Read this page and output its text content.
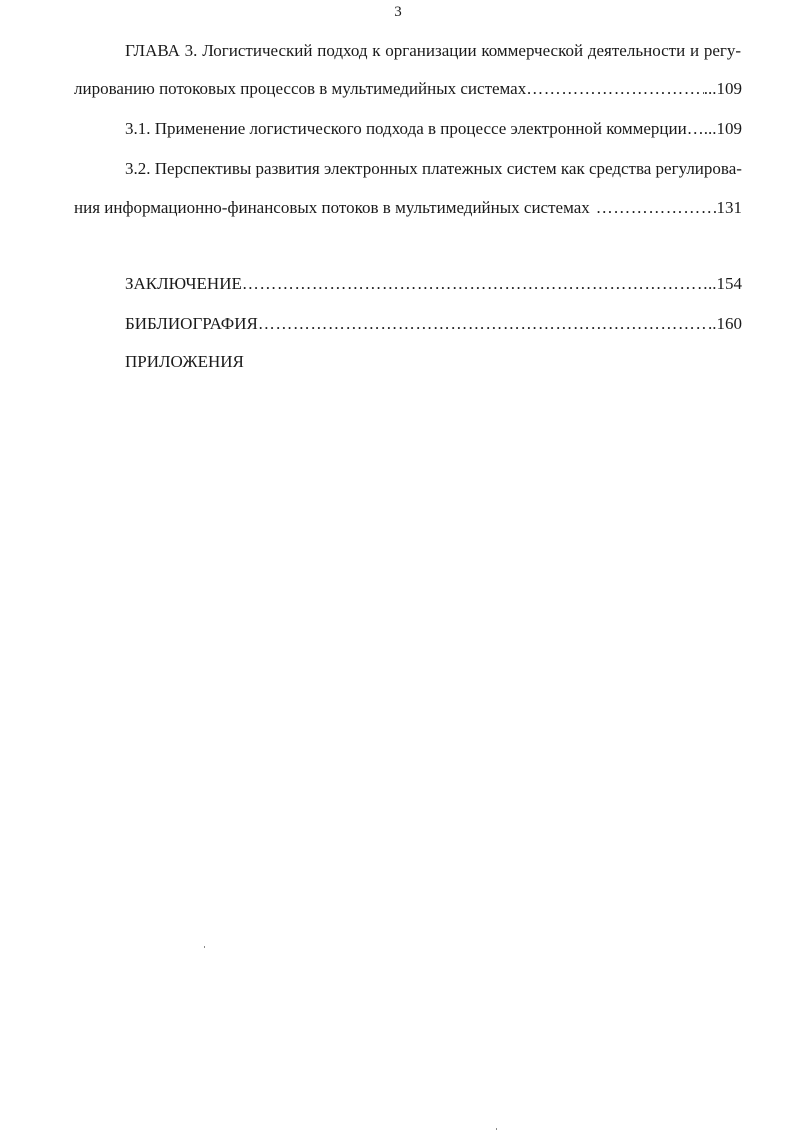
3
ГЛАВА 3. Логистический подход к организации коммерческой деятельности и регу-
лированию потоковых процессов в мультимедийных системах ……………………………………………………………………………………………………………………………………………………………	...109
3.1. Применение логистического подхода в процессе электронной коммерции …………………………………………………………………………………………………………………………………………………………… ...109
3.2. Перспективы развития электронных платежных систем как средства регулирова-
ния информационно-финансовых потоков в мультимедийных системах ……………………………………………………………………………………………………………………………………………………………	131
ЗАКЛЮЧЕНИЕ ……………………………………………………………………………………………………………………………………………………………	..154
БИБЛИОГРАФИЯ ……………………………………………………………………………………………………………………………………………………………	..160
ПРИЛОЖЕНИЯ
